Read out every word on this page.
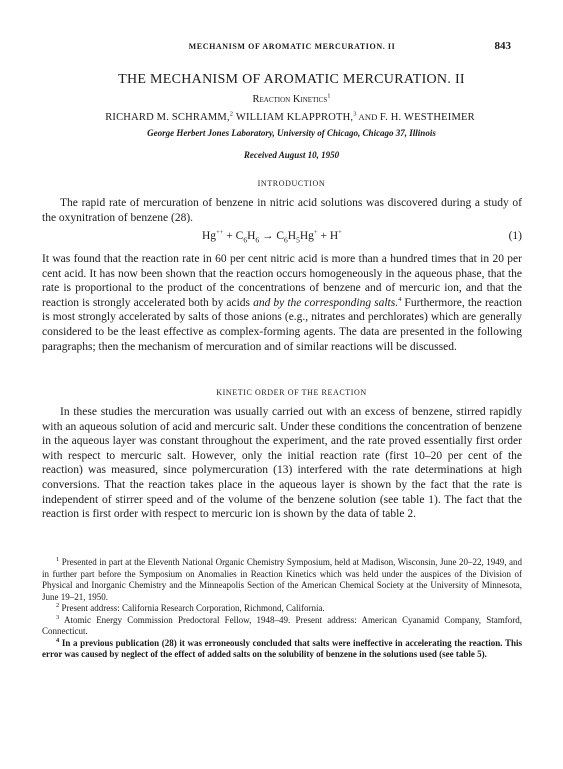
MECHANISM OF AROMATIC MERCURATION. II	843
THE MECHANISM OF AROMATIC MERCURATION. II
Reaction Kinetics$^1$
RICHARD M. SCHRAMM,$^2$ WILLIAM KLAPPROTH,$^3$ AND F. H. WESTHEIMER
George Herbert Jones Laboratory, University of Chicago, Chicago 37, Illinois
Received August 10, 1950
INTRODUCTION
The rapid rate of mercuration of benzene in nitric acid solutions was discovered during a study of the oxynitration of benzene (28).
$Hg^{++} + C_6H_6 \to C_6H_5Hg^+ + H^+$	(1)
It was found that the reaction rate in 60 per cent nitric acid is more than a hundred times that in 20 per cent acid. It has now been shown that the reaction occurs homogeneously in the aqueous phase, that the rate is proportional to the product of the concentrations of benzene and of mercuric ion, and that the reaction is strongly accelerated both by acids and by the corresponding salts.$^4$ Furthermore, the reaction is most strongly accelerated by salts of those anions (e.g., nitrates and perchlorates) which are generally considered to be the least effective as complex-forming agents. The data are presented in the following paragraphs; then the mechanism of mercuration and of similar reactions will be discussed.
KINETIC ORDER OF THE REACTION
In these studies the mercuration was usually carried out with an excess of benzene, stirred rapidly with an aqueous solution of acid and mercuric salt. Under these conditions the concentration of benzene in the aqueous layer was constant throughout the experiment, and the rate proved essentially first order with respect to mercuric salt. However, only the initial reaction rate (first 10–20 per cent of the reaction) was measured, since polymercuration (13) interfered with the rate determinations at high conversions. That the reaction takes place in the aqueous layer is shown by the fact that the rate is independent of stirrer speed and of the volume of the benzene solution (see table 1). The fact that the reaction is first order with respect to mercuric ion is shown by the data of table 2.

$^1$ Presented in part at the Eleventh National Organic Chemistry Symposium, held at Madison, Wisconsin, June 20–22, 1949, and in further part before the Symposium on Anomalies in Reaction Kinetics which was held under the auspices of the Division of Physical and Inorganic Chemistry and the Minneapolis Section of the American Chemical Society at the University of Minnesota, June 19–21, 1950.

$^2$ Present address: California Research Corporation, Richmond, California.

$^3$ Atomic Energy Commission Predoctoral Fellow, 1948–49. Present address: American Cyanamid Company, Stamford, Connecticut.

$^4$ In a previous publication (28) it was erroneously concluded that salts were ineffective in accelerating the reaction. This error was caused by neglect of the effect of added salts on the solubility of benzene in the solutions used (see table 5).
